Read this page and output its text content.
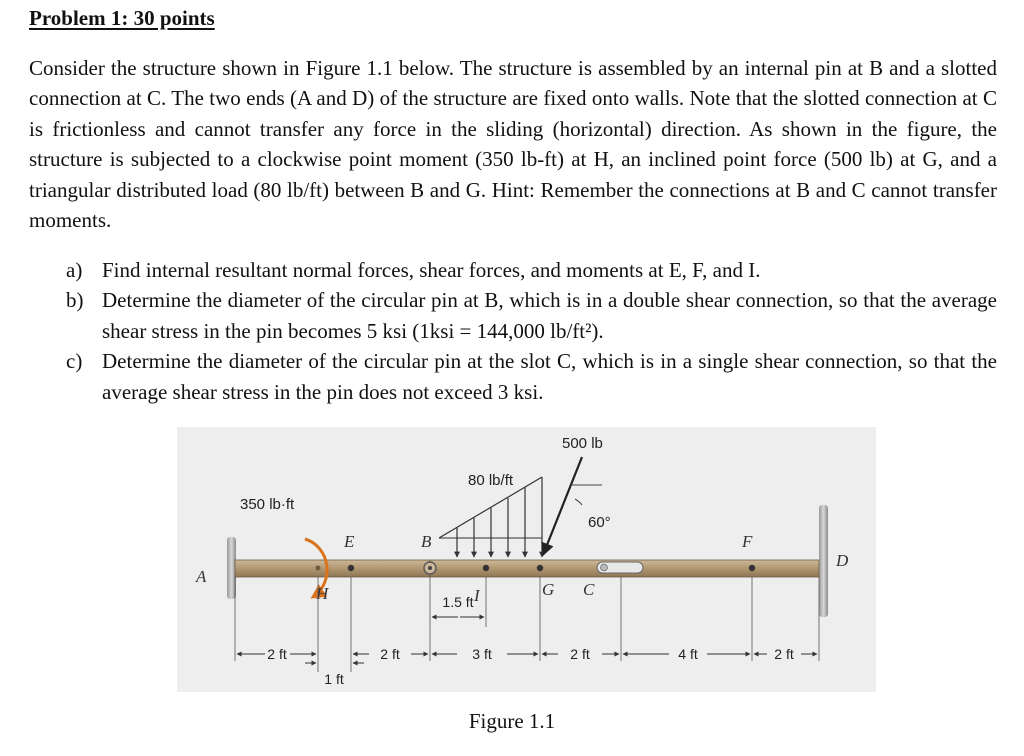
Problem 1: 30 points
Consider the structure shown in Figure 1.1 below. The structure is assembled by an internal pin at B and a slotted connection at C. The two ends (A and D) of the structure are fixed onto walls. Note that the slotted connection at C is frictionless and cannot transfer any force in the sliding (horizontal) direction. As shown in the figure, the structure is subjected to a clockwise point moment (350 lb-ft) at H, an inclined point force (500 lb) at G, and a triangular distributed load (80 lb/ft) between B and G. Hint: Remember the connections at B and C cannot transfer moments.
a) Find internal resultant normal forces, shear forces, and moments at E, F, and I.
b) Determine the diameter of the circular pin at B, which is in a double shear connection, so that the average shear stress in the pin becomes 5 ksi (1ksi = 144,000 lb/ft²).
c) Determine the diameter of the circular pin at the slot C, which is in a single shear connection, so that the average shear stress in the pin does not exceed 3 ksi.
350 lb·ft
80 lb/ft
500 lb
60°
A
B
E
H	I	G C
F
D
2 ft
1 ft
2 ft	3 ft	2 ft	4 ft	2 ft
1.5 ft
Figure 1.1
